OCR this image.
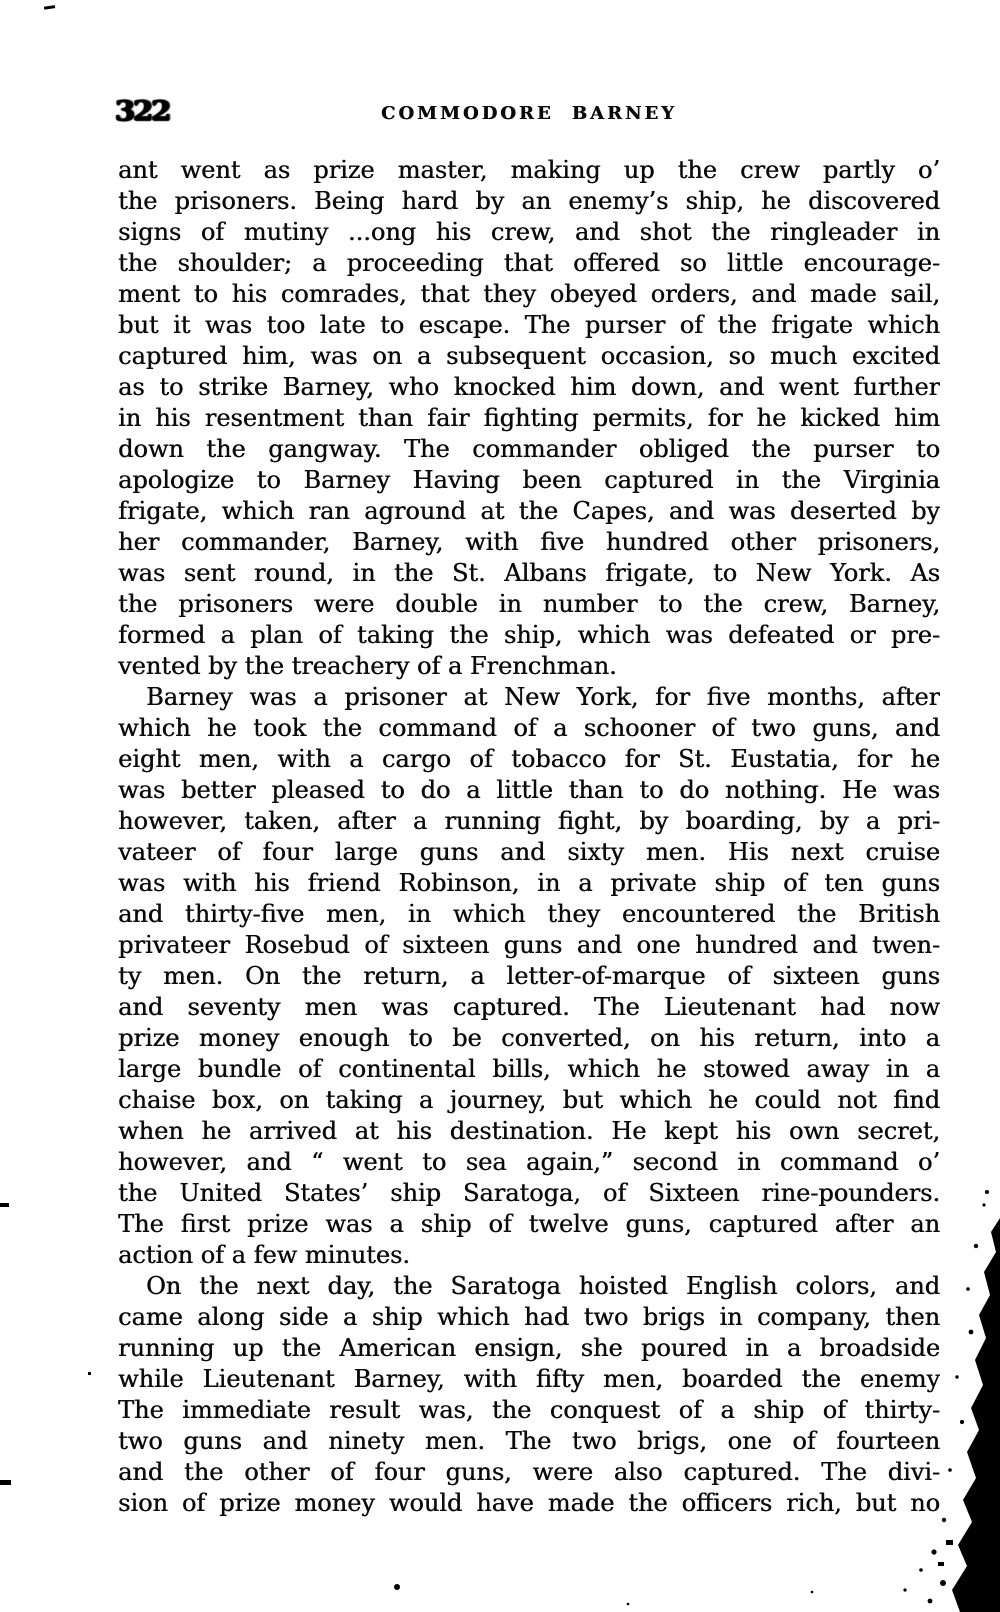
322	COMMODORE BARNEY
ant went as prize master, making up the crew partly o’
the prisoners. Being hard by an enemy’s ship, he discovered
signs of mutiny ...ong his crew, and shot the ringleader in
the shoulder; a proceeding that offered so little encourage-
ment to his comrades, that they obeyed orders, and made sail,
but it was too late to escape. The purser of the frigate which
captured him, was on a subsequent occasion, so much excited
as to strike Barney, who knocked him down, and went further
in his resentment than fair fighting permits, for he kicked him
down the gangway. The commander obliged the purser to
apologize to Barney Having been captured in the Virginia
frigate, which ran aground at the Capes, and was deserted by
her commander, Barney, with five hundred other prisoners,
was sent round, in the St. Albans frigate, to New York. As
the prisoners were double in number to the crew, Barney,
formed a plan of taking the ship, which was defeated or pre-
vented by the treachery of a Frenchman.
Barney was a prisoner at New York, for five months, after
which he took the command of a schooner of two guns, and
eight men, with a cargo of tobacco for St. Eustatia, for he
was better pleased to do a little than to do nothing. He was
however, taken, after a running fight, by boarding, by a pri-
vateer of four large guns and sixty men. His next cruise
was with his friend Robinson, in a private ship of ten guns
and thirty-five men, in which they encountered the British
privateer Rosebud of sixteen guns and one hundred and twen-
ty men. On the return, a letter-of-marque of sixteen guns
and seventy men was captured. The Lieutenant had now
prize money enough to be converted, on his return, into a
large bundle of continental bills, which he stowed away in a
chaise box, on taking a journey, but which he could not find
when he arrived at his destination. He kept his own secret,
however, and “ went to sea again,” second in command o’
the United States’ ship Saratoga, of Sixteen rine-pounders.
The first prize was a ship of twelve guns, captured after an
action of a few minutes.
On the next day, the Saratoga hoisted English colors, and
came along side a ship which had two brigs in company, then
running up the American ensign, she poured in a broadside
while Lieutenant Barney, with fifty men, boarded the enemy
The immediate result was, the conquest of a ship of thirty-
two guns and ninety men. The two brigs, one of fourteen
and the other of four guns, were also captured. The divi-
sion of prize money would have made the officers rich, but no
